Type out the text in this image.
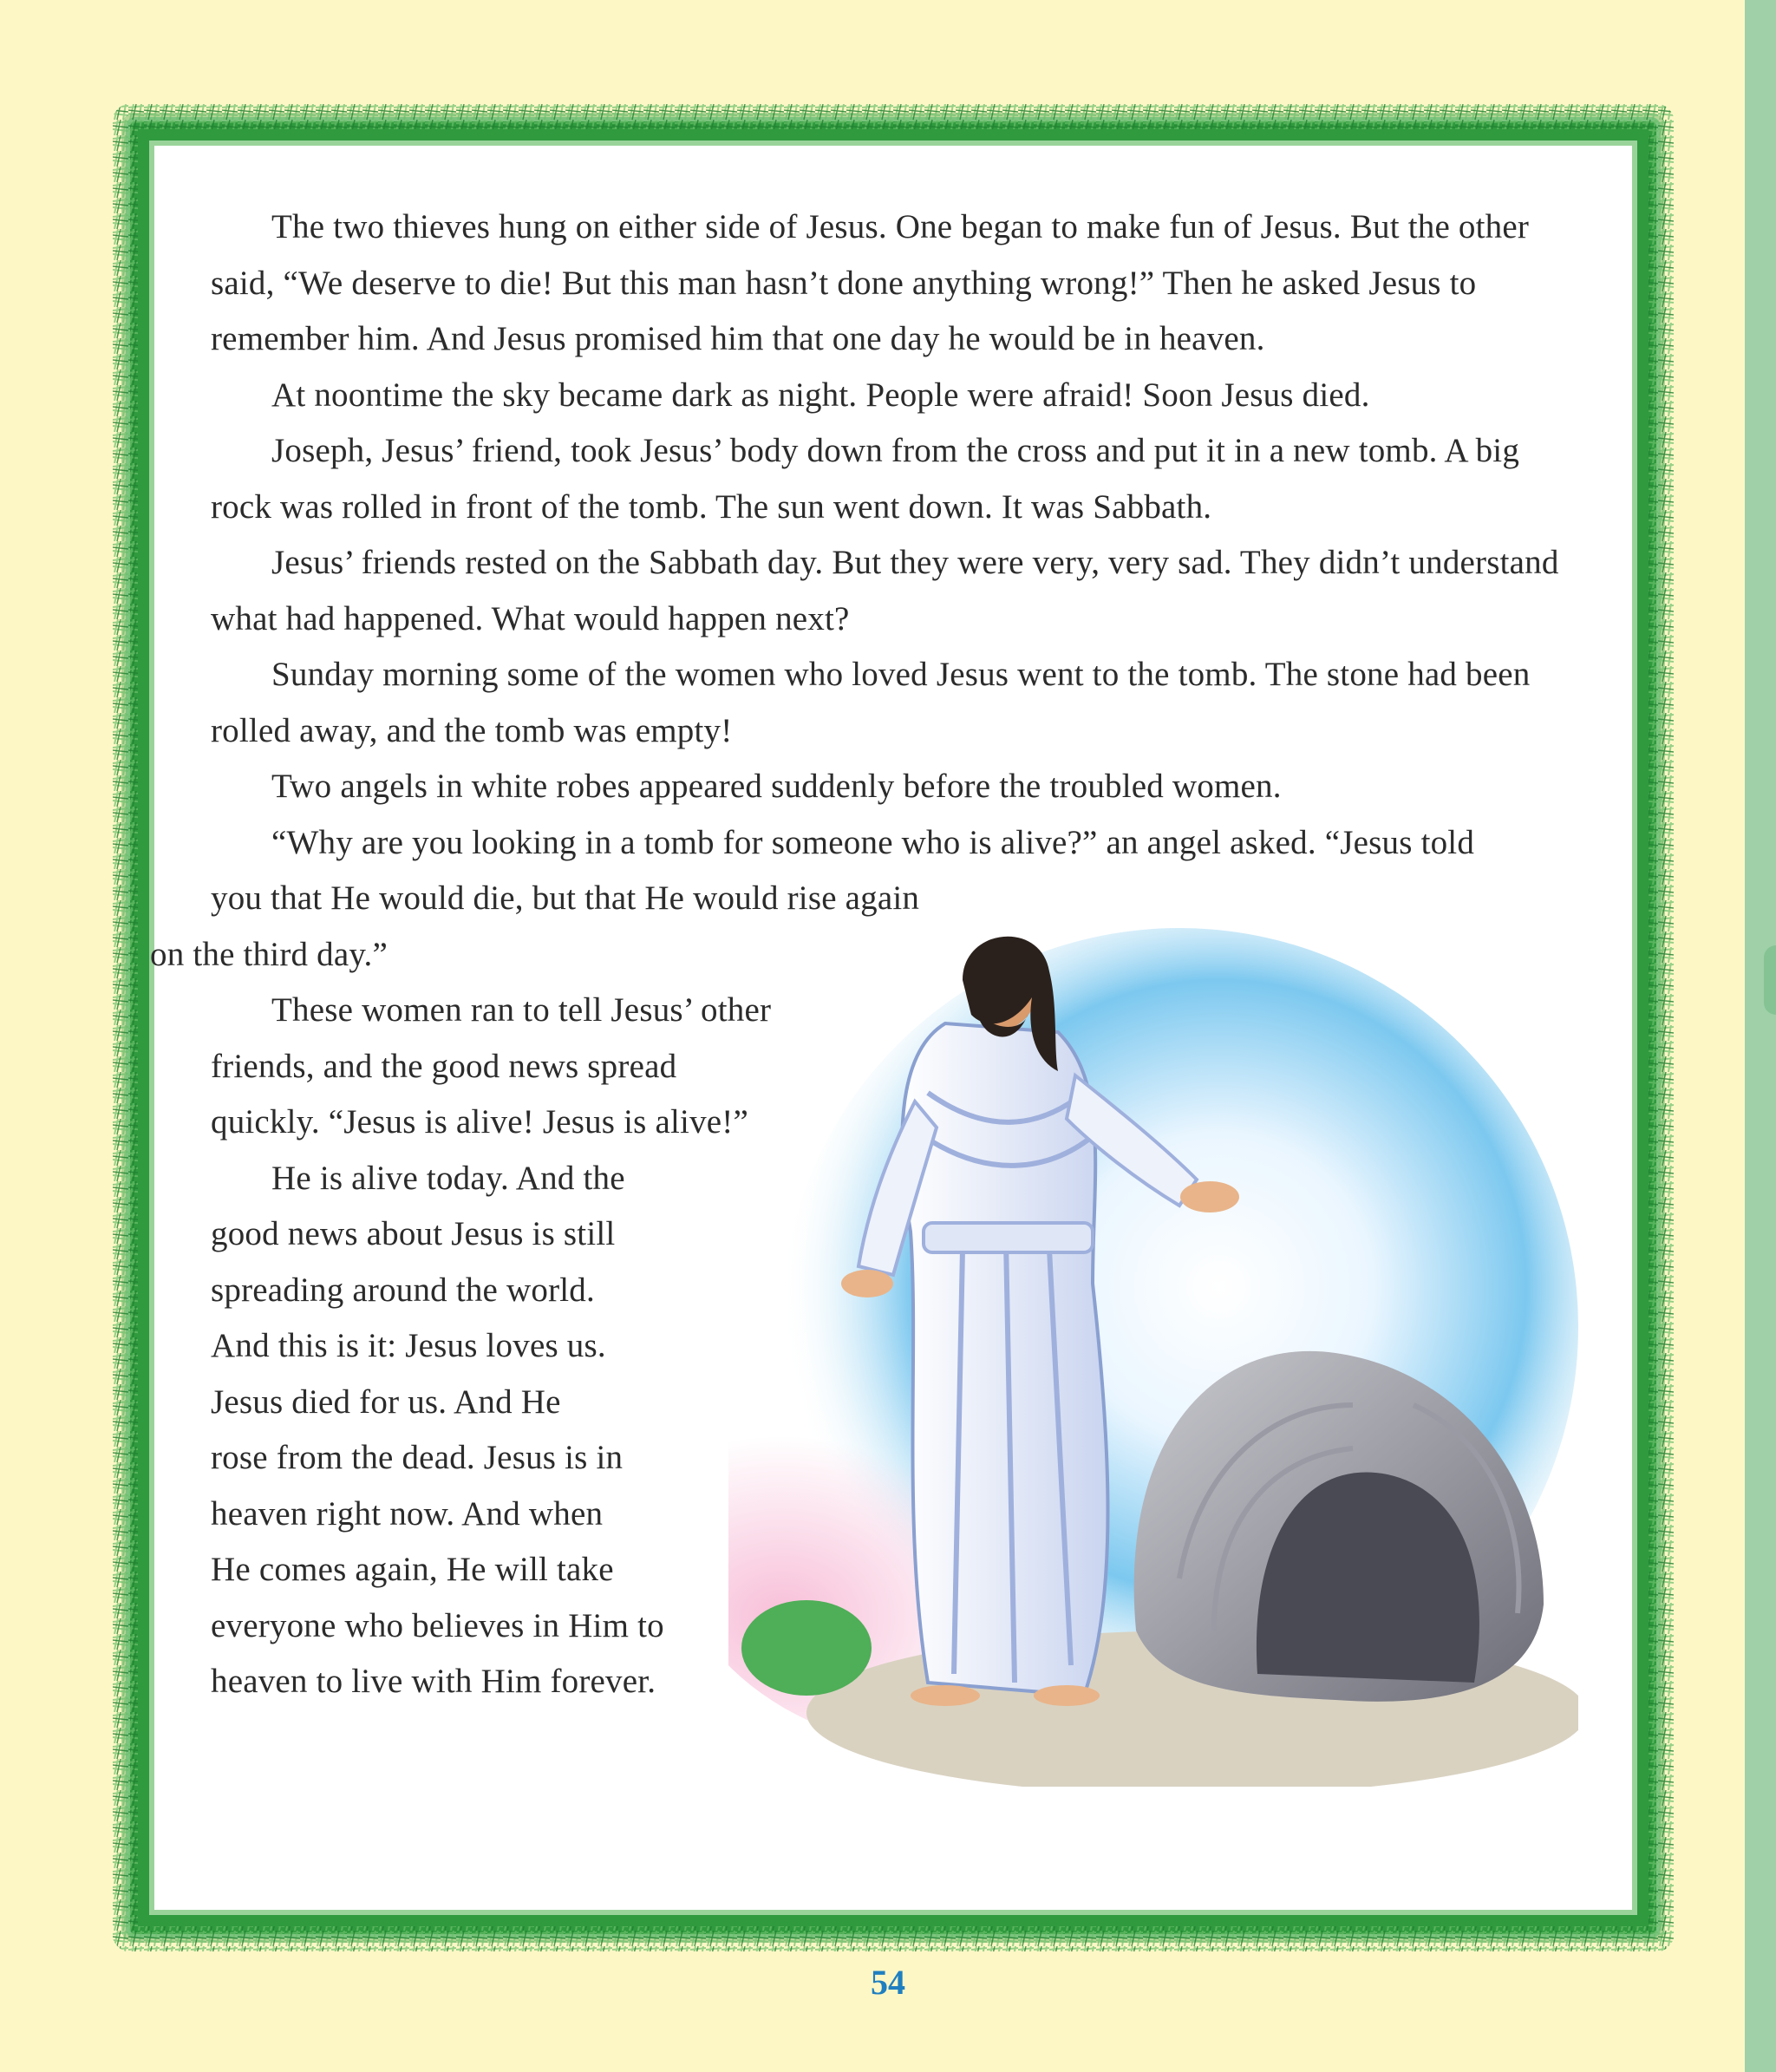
The two thieves hung on either side of Jesus. One began to make fun of Jesus. But the other said, “We deserve to die! But this man hasn’t done anything wrong!” Then he asked Jesus to remember him. And Jesus promised him that one day he would be in heaven.

At noontime the sky became dark as night. People were afraid! Soon Jesus died.

Joseph, Jesus’ friend, took Jesus’ body down from the cross and put it in a new tomb. A big rock was rolled in front of the tomb. The sun went down. It was Sabbath.

Jesus’ friends rested on the Sabbath day. But they were very, very sad. They didn’t understand what had happened. What would happen next?

Sunday morning some of the women who loved Jesus went to the tomb. The stone had been rolled away, and the tomb was empty!

Two angels in white robes appeared suddenly before the troubled women.

“Why are you looking in a tomb for someone who is alive?” an angel asked. “Jesus told
you that He would die, but that He would rise again
on the third day.”

These women ran to tell Jesus’ other
friends, and the good news spread
quickly. “Jesus is alive! Jesus is alive!”

He is alive today. And the
good news about Jesus is still
spreading around the world.
And this is it: Jesus loves us.
Jesus died for us. And He
rose from the dead. Jesus is in
heaven right now. And when
He comes again, He will take
everyone who believes in Him to
heaven to live with Him forever.

54
